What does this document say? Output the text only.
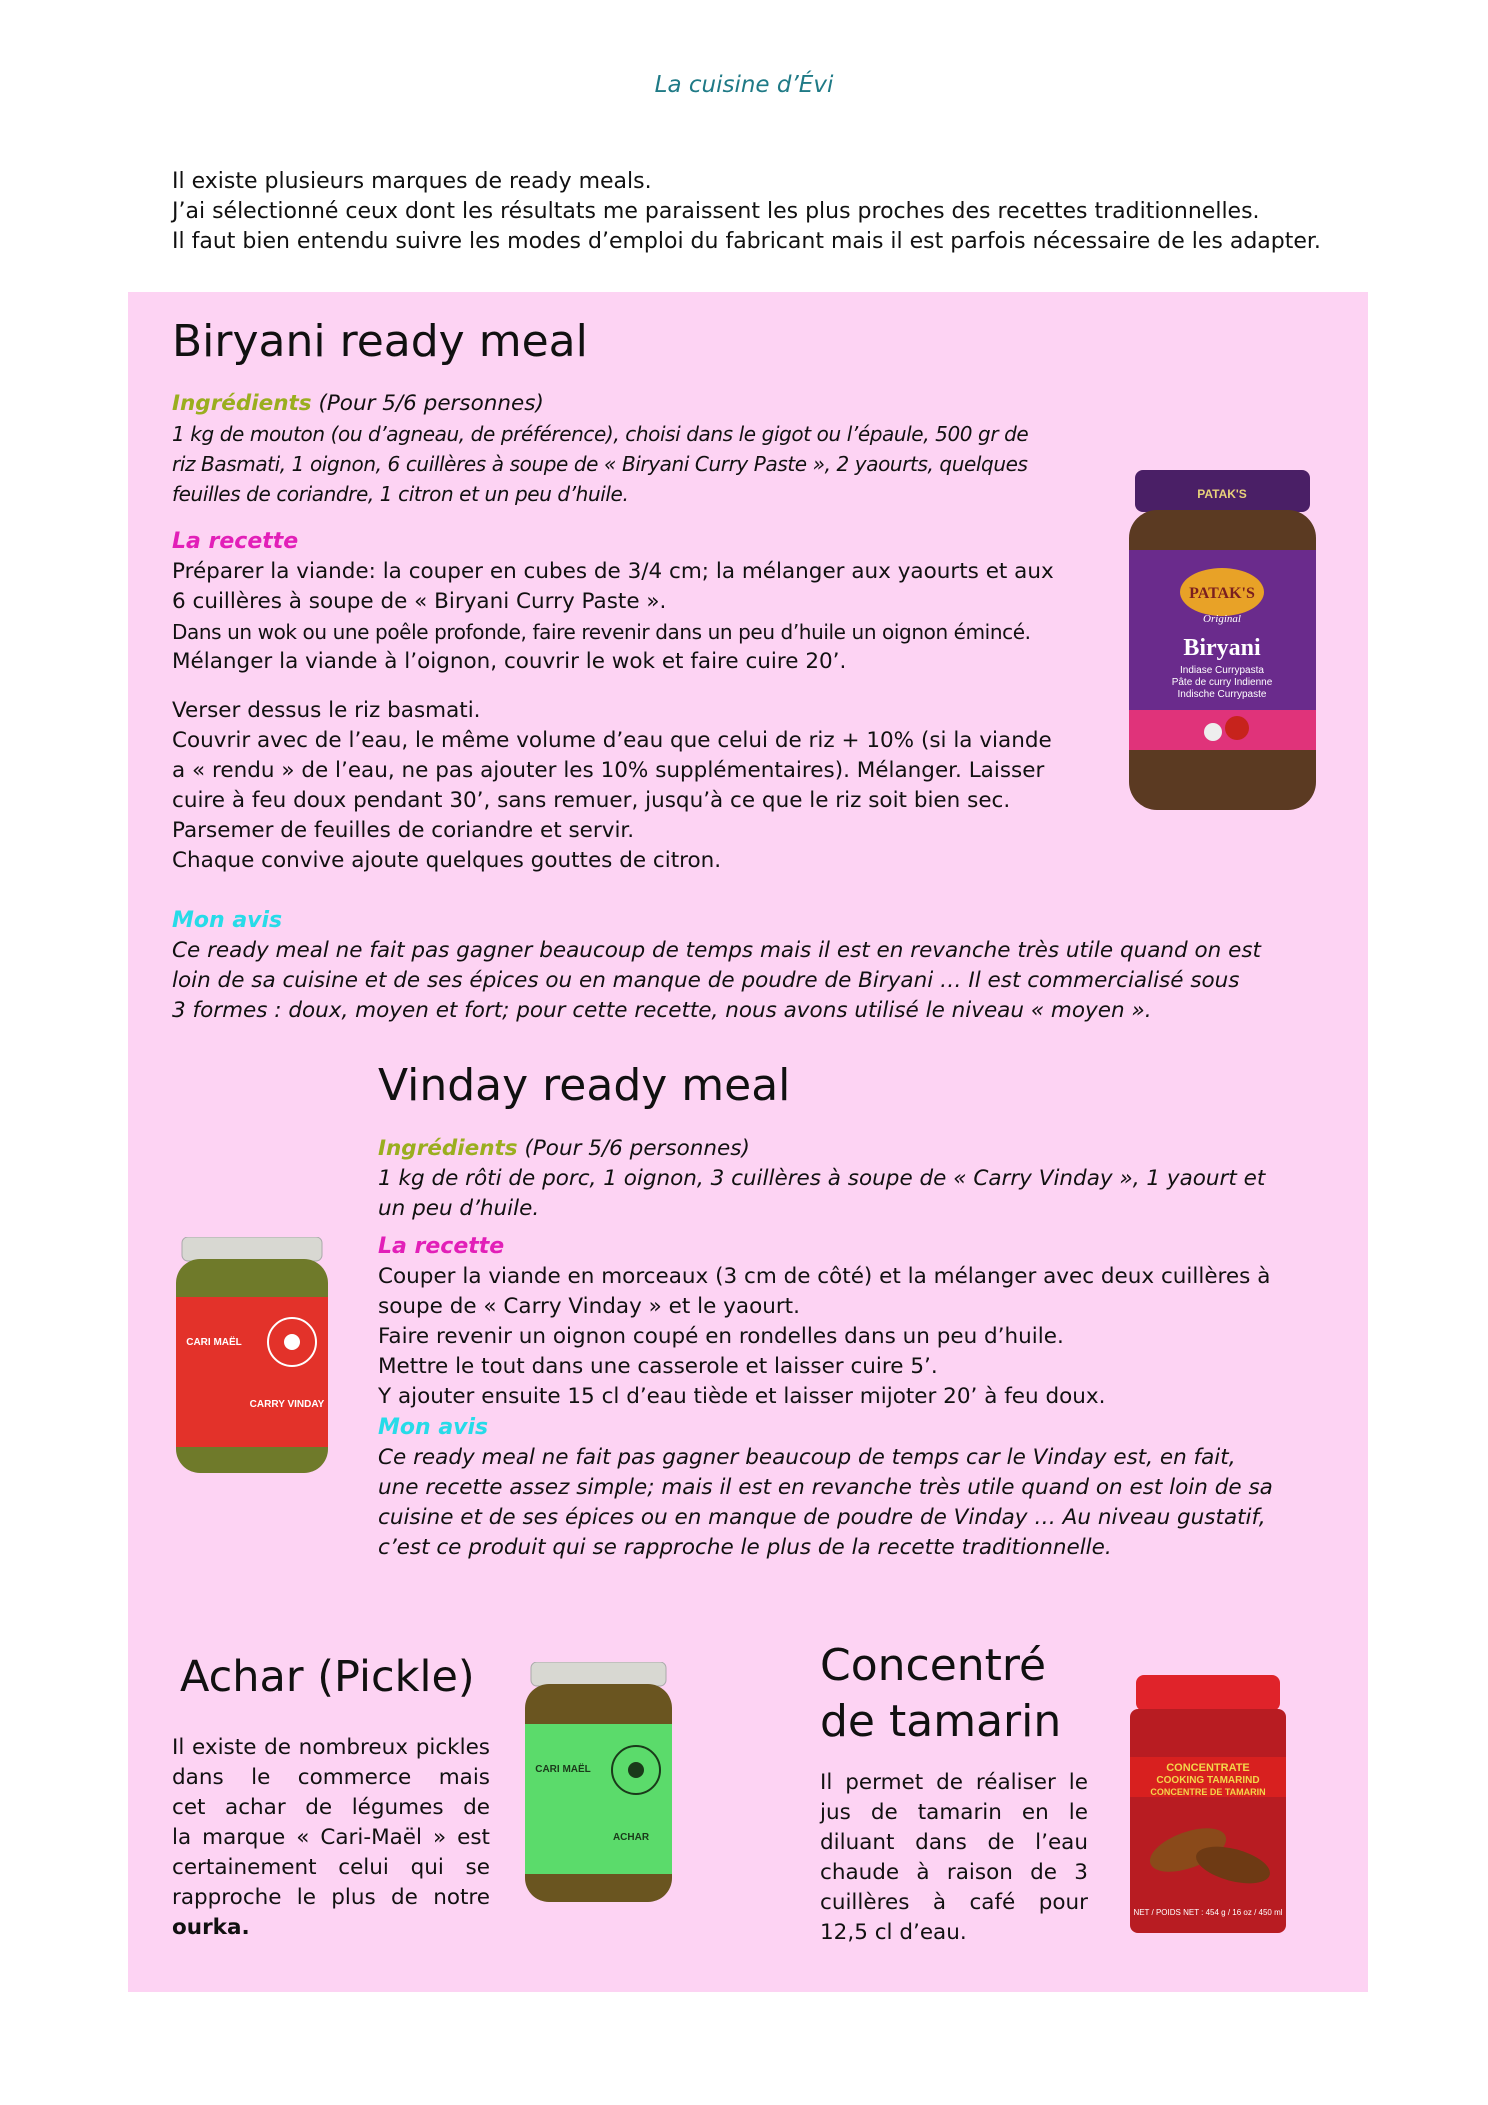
La cuisine d’Évi
Il existe plusieurs marques de ready meals.
J’ai sélectionné ceux dont les résultats me paraissent les plus proches des recettes traditionnelles.
Il faut bien entendu suivre les modes d’emploi du fabricant mais il est parfois nécessaire de les adapter.
Biryani ready meal
Ingrédients (Pour 5/6 personnes)
1 kg de mouton (ou d’agneau, de préférence), choisi dans le gigot ou l’épaule, 500 gr de
riz Basmati, 1 oignon, 6 cuillères à soupe de « Biryani Curry Paste », 2 yaourts, quelques
feuilles de coriandre, 1 citron et un peu d’huile.
La recette
Préparer la viande: la couper en cubes de 3/4 cm; la mélanger aux yaourts et aux
6 cuillères à soupe de « Biryani Curry Paste ».
Dans un wok ou une poêle profonde, faire revenir dans un peu d’huile un oignon émincé.
Mélanger la viande à l’oignon, couvrir le wok et faire cuire 20’.
Verser dessus le riz basmati.
Couvrir avec de l’eau, le même volume d’eau que celui de riz + 10% (si la viande
a « rendu » de l’eau, ne pas ajouter les 10% supplémentaires). Mélanger. Laisser
cuire à feu doux pendant 30’, sans remuer, jusqu’à ce que le riz soit bien sec.
Parsemer de feuilles de coriandre et servir.
Chaque convive ajoute quelques gouttes de citron.
Mon avis
Ce ready meal ne fait pas gagner beaucoup de temps mais il est en revanche très utile quand on est
loin de sa cuisine et de ses épices ou en manque de poudre de Biryani … Il est commercialisé sous
3 formes : doux, moyen et fort; pour cette recette, nous avons utilisé le niveau « moyen ».
PATAK'S
PATAK'S
Original
Biryani
Indiase Currypasta
Pâte de curry Indienne
Indische Currypaste
Vinday ready meal
Ingrédients (Pour 5/6 personnes)
1 kg de rôti de porc, 1 oignon, 3 cuillères à soupe de « Carry Vinday », 1 yaourt et
un peu d’huile.
La recette
Couper la viande en morceaux (3 cm de côté) et la mélanger avec deux cuillères à
soupe de « Carry Vinday » et le yaourt.
Faire revenir un oignon coupé en rondelles dans un peu d’huile.
Mettre le tout dans une casserole et laisser cuire 5’.
Y ajouter ensuite 15 cl d’eau tiède et laisser mijoter 20’ à feu doux.
Mon avis
Ce ready meal ne fait pas gagner beaucoup de temps car le Vinday est, en fait,
une recette assez simple; mais il est en revanche très utile quand on est loin de sa
cuisine et de ses épices ou en manque de poudre de Vinday … Au niveau gustatif,
c’est ce produit qui se rapproche le plus de la recette traditionnelle.
CARI MAËL
CARRY VINDAY
Achar (Pickle)
Il existe de nombreux pickles
dans le commerce mais
cet achar de légumes de
la marque « Cari-Maël » est
certainement celui qui se
rapproche le plus de notre
ourka.
CARI MAËL
ACHAR
Concentré
de tamarin
Il permet de réaliser le
jus de tamarin en le
diluant dans de l’eau
chaude à raison de 3
cuillères à café pour
12,5 cl d’eau.
CONCENTRATE
COOKING TAMARIND
CONCENTRE DE TAMARIN
NET / POIDS NET : 454 g / 16 oz / 450 ml
